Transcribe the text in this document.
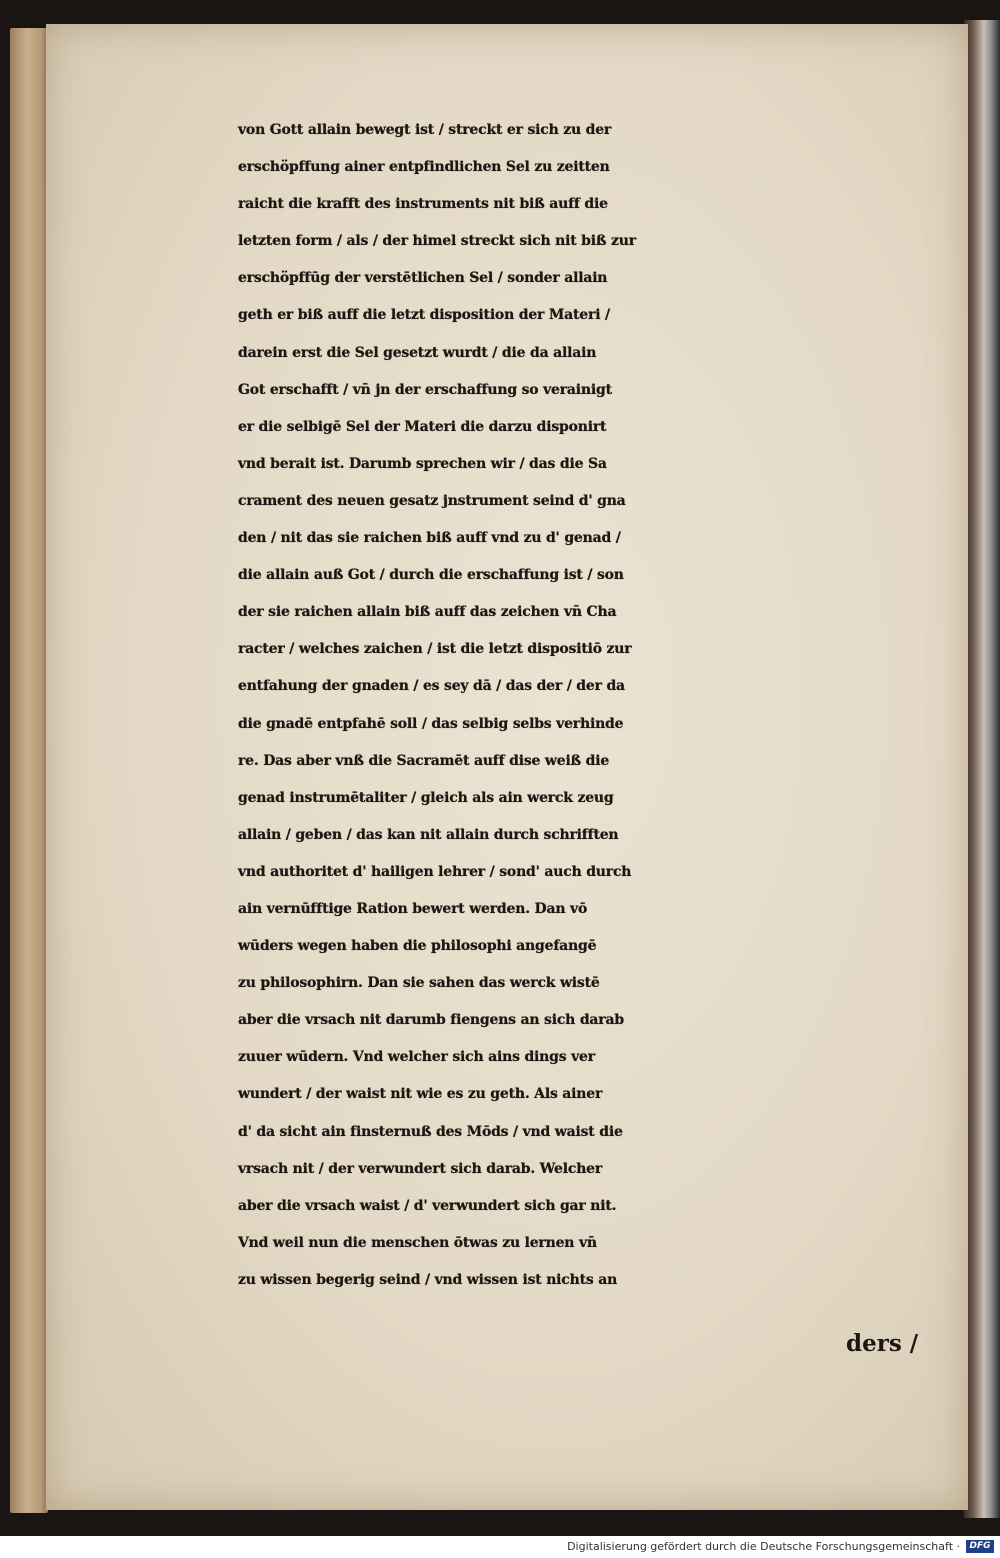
von Gott allain bewegt ist / streckt er sich zu der
erschöpffung ainer entpfindlichen Sel zu zeitten
raicht die krafft des instruments nit biß auff die
letzten form / als / der himel streckt sich nit biß zur
erschöpffūg der verstētlichen Sel / sonder allain
geth er biß auff die letzt disposition der Materi /
darein erst die Sel gesetzt wurdt / die da allain
Got erschafft / vn̄ jn der erschaffung so verainigt
er die selbigē Sel der Materi die darzu disponirt
vnd berait ist. Darumb sprechen wir / das die Sa
crament des neuen gesatz jnstrument seind d' gna
den / nit das sie raichen biß auff vnd zu d' genad /
die allain auß Got / durch die erschaffung ist / son
der sie raichen allain biß auff das zeichen vn̄ Cha
racter / welches zaichen / ist die letzt dispositiō zur
entfahung der gnaden / es sey dā / das der / der da
die gnadē entpfahē soll / das selbig selbs verhinde
re. Das aber vnß die Sacramēt auff dise weiß die
genad instrumētaliter / gleich als ain werck zeug
allain / geben / das kan nit allain durch schrifften
vnd authoritet d' hailigen lehrer / sond' auch durch
ain vernūfftige Ration bewert werden. Dan vō
wūders wegen haben die philosophi angefangē
zu philosophirn. Dan sie sahen das werck wistē
aber die vrsach nit darumb fiengens an sich darab
zuuer wūdern. Vnd welcher sich ains dings ver
wundert / der waist nit wie es zu geth. Als ainer
d' da sicht ain finsternuß des Mōds / vnd waist die
vrsach nit / der verwundert sich darab. Welcher
aber die vrsach waist / d' verwundert sich gar nit.
Vnd weil nun die menschen ōtwas zu lernen vn̄
zu wissen begerig seind / vnd wissen ist nichts an
ders /
Digitalisierung gefördert durch die Deutsche Forschungsgemeinschaft ·	DFG
